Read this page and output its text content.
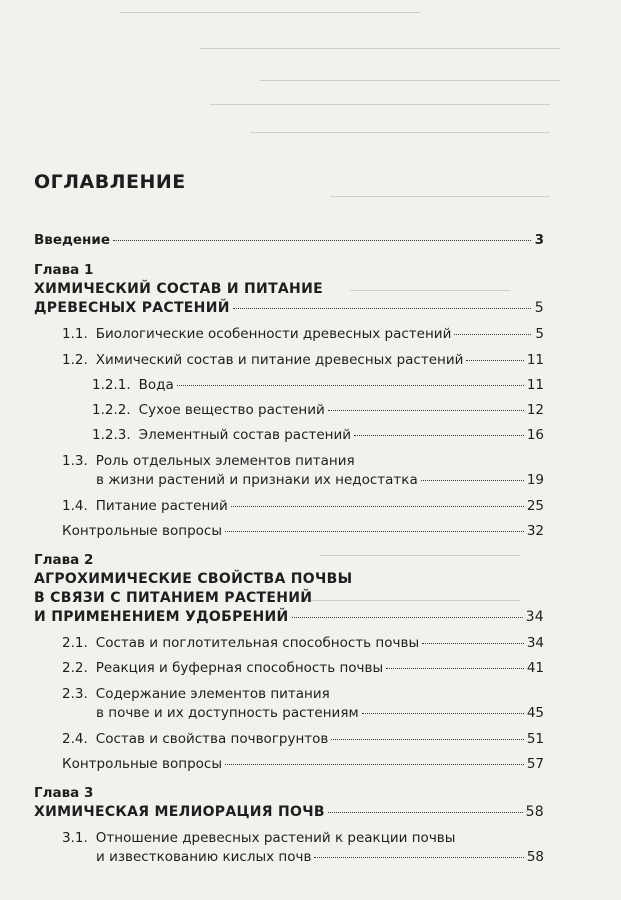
ОГЛАВЛЕНИЕ
Введение	3
Глава 1
ХИМИЧЕСКИЙ СОСТАВ И ПИТАНИЕ
ДРЕВЕСНЫХ РАСТЕНИЙ	5
1.1. Биологические особенности древесных растений	5
1.2. Химический состав и питание древесных растений	11
1.2.1. Вода	11
1.2.2. Сухое вещество растений	12
1.2.3. Элементный состав растений	16
1.3. Роль отдельных элементов питания
в жизни растений и признаки их недостатка	19
1.4. Питание растений	25
Контрольные вопросы	32
Глава 2
АГРОХИМИЧЕСКИЕ СВОЙСТВА ПОЧВЫ
В СВЯЗИ С ПИТАНИЕМ РАСТЕНИЙ
И ПРИМЕНЕНИЕМ УДОБРЕНИЙ	34
2.1. Состав и поглотительная способность почвы	34
2.2. Реакция и буферная способность почвы	41
2.3. Содержание элементов питания
в почве и их доступность растениям	45
2.4. Состав и свойства почвогрунтов	51
Контрольные вопросы	57
Глава 3
ХИМИЧЕСКАЯ МЕЛИОРАЦИЯ ПОЧВ	58
3.1. Отношение древесных растений к реакции почвы
и известкованию кислых почв	58
